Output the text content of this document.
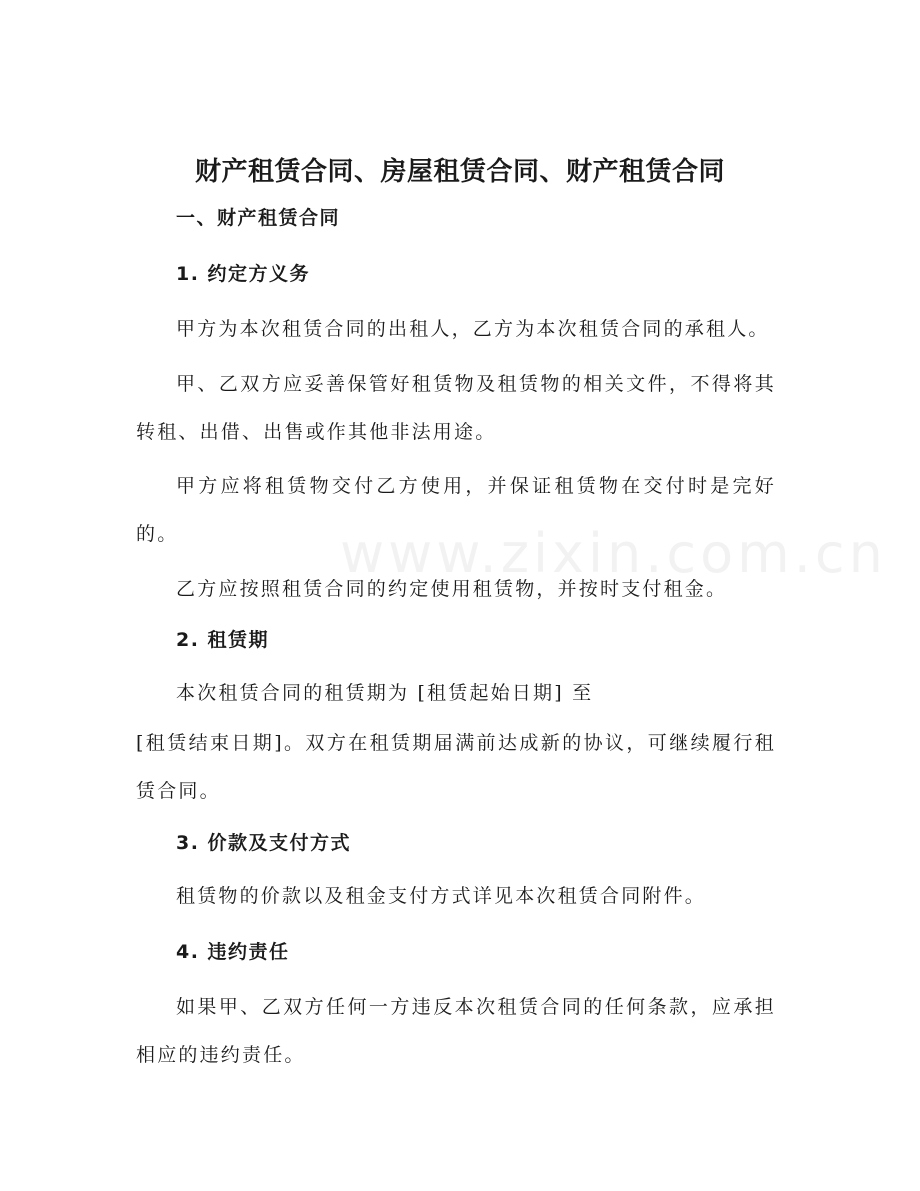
www.zixin.com.cn
财产租赁合同、房屋租赁合同、财产租赁合同
一、财产租赁合同
1. 约定方义务
甲方为本次租赁合同的出租人，乙方为本次租赁合同的承租人。
甲、乙双方应妥善保管好租赁物及租赁物的相关文件，不得将其转租、出借、出售或作其他非法用途。
甲方应将租赁物交付乙方使用，并保证租赁物在交付时是完好的。
乙方应按照租赁合同的约定使用租赁物，并按时支付租金。
2. 租赁期
本次租赁合同的租赁期为 [租赁起始日期] 至
[租赁结束日期]。双方在租赁期届满前达成新的协议，可继续履行租赁合同。
3. 价款及支付方式
租赁物的价款以及租金支付方式详见本次租赁合同附件。
4. 违约责任
如果甲、乙双方任何一方违反本次租赁合同的任何条款，应承担相应的违约责任。
